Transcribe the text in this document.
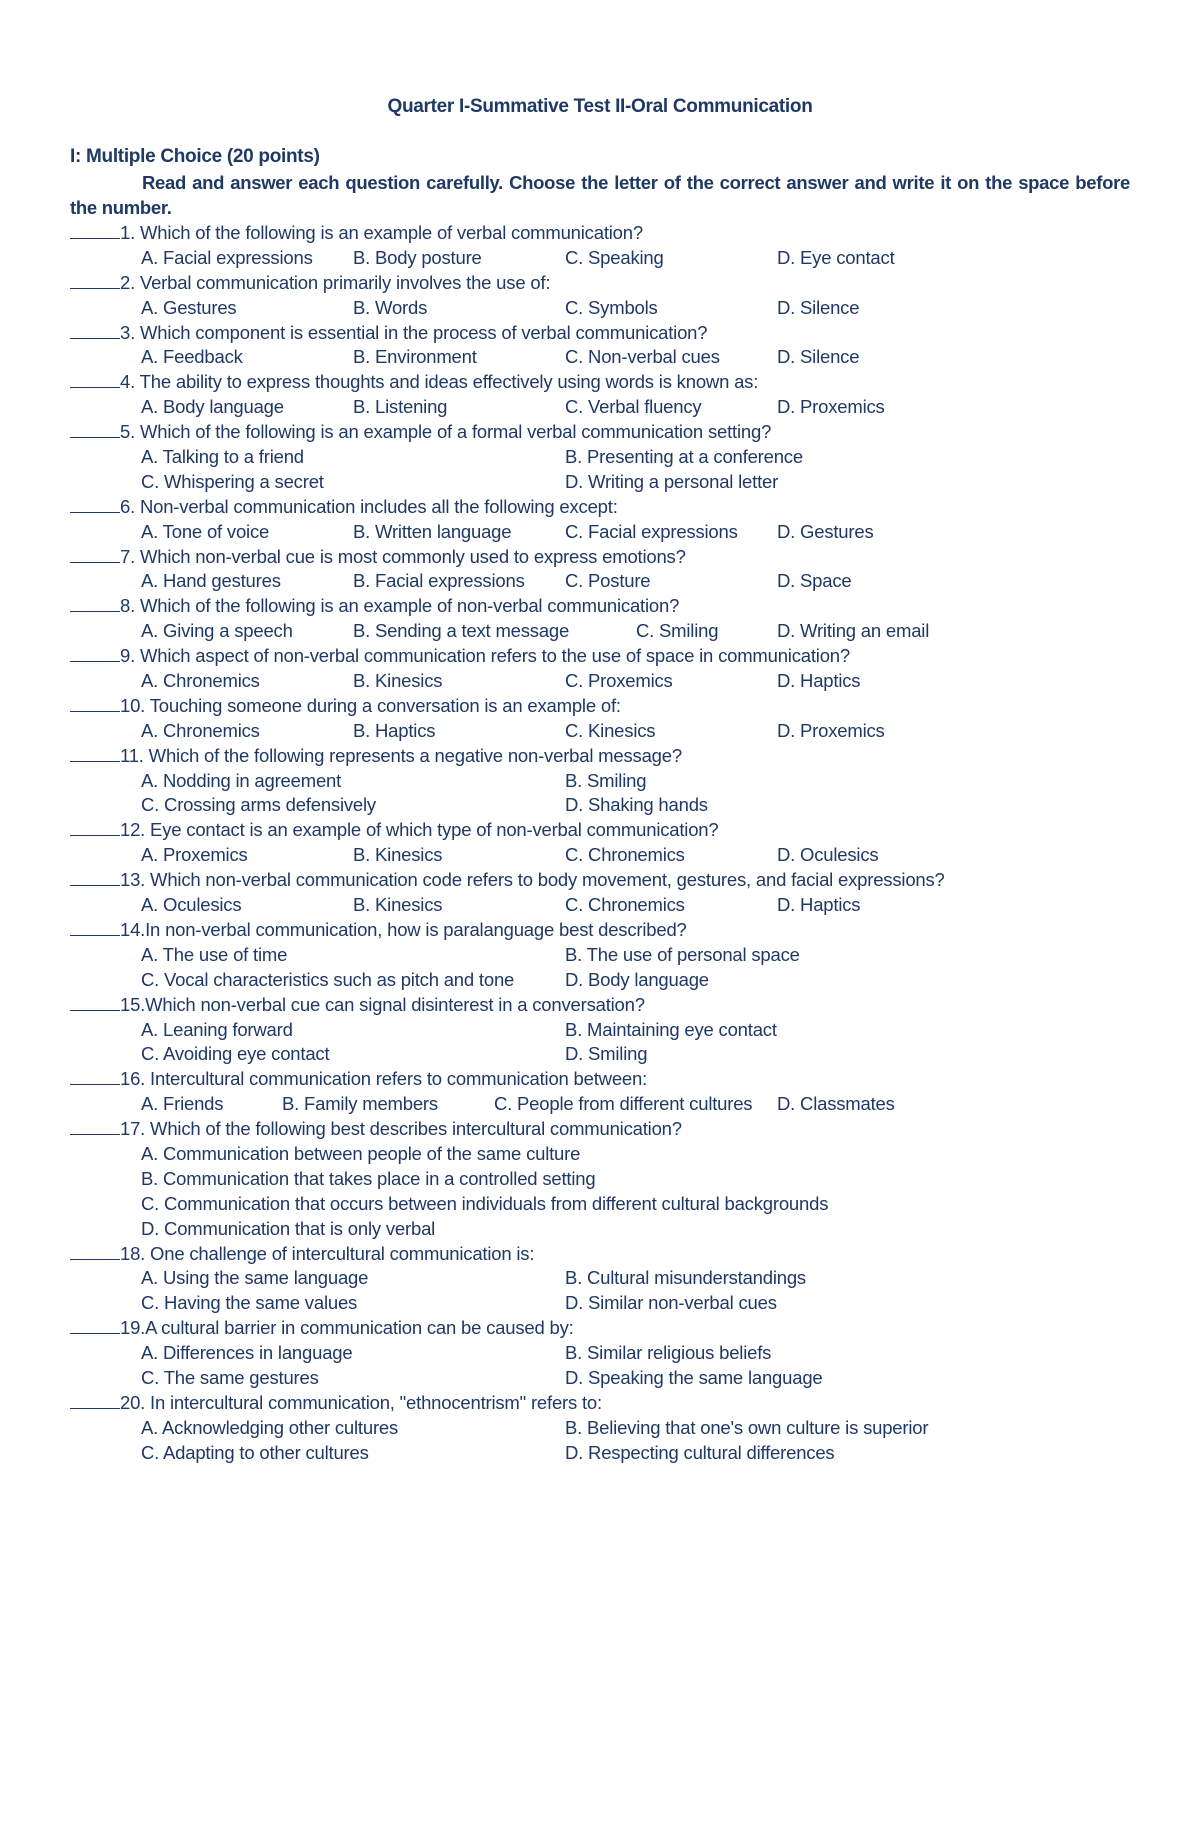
Quarter I-Summative Test II-Oral Communication
I: Multiple Choice (20 points)
Read and answer each question carefully. Choose the letter of the correct answer and write it on the space before the number.
1. Which of the following is an example of verbal communication?
A. Facial expressions B. Body posture	C. Speaking	D. Eye contact
2. Verbal communication primarily involves the use of:
A. Gestures	B. Words	C. Symbols	D. Silence
3. Which component is essential in the process of verbal communication?
A. Feedback	B. Environment	C. Non-verbal cues	D. Silence
4. The ability to express thoughts and ideas effectively using words is known as:
A. Body language	B. Listening	C. Verbal fluency	D. Proxemics
5. Which of the following is an example of a formal verbal communication setting?
A. Talking to a friend	B. Presenting at a conference
C. Whispering a secret	D. Writing a personal letter
6. Non-verbal communication includes all the following except:
A. Tone of voice	B. Written language	C. Facial expressions D. Gestures
7. Which non-verbal cue is most commonly used to express emotions?
A. Hand gestures	B. Facial expressions C. Posture	D. Space
8. Which of the following is an example of non-verbal communication?
A. Giving a speech	B. Sending a text message	C. Smiling	D. Writing an email
9. Which aspect of non-verbal communication refers to the use of space in communication?
A. Chronemics	B. Kinesics	C. Proxemics	D. Haptics
10. Touching someone during a conversation is an example of:
A. Chronemics	B. Haptics	C. Kinesics	D. Proxemics
11. Which of the following represents a negative non-verbal message?
A. Nodding in agreement	B. Smiling
C. Crossing arms defensively	D. Shaking hands
12. Eye contact is an example of which type of non-verbal communication?
A. Proxemics	B. Kinesics	C. Chronemics	D. Oculesics
13. Which non-verbal communication code refers to body movement, gestures, and facial expressions?
A. Oculesics	B. Kinesics	C. Chronemics	D. Haptics
14.In non-verbal communication, how is paralanguage best described?
A. The use of time	B. The use of personal space
C. Vocal characteristics such as pitch and tone	D. Body language
15.Which non-verbal cue can signal disinterest in a conversation?
A. Leaning forward	B. Maintaining eye contact
C. Avoiding eye contact	D. Smiling
16. Intercultural communication refers to communication between:
A. Friends	B. Family members	C. People from different cultures D. Classmates
17. Which of the following best describes intercultural communication?
A. Communication between people of the same culture
B. Communication that takes place in a controlled setting
C. Communication that occurs between individuals from different cultural backgrounds
D. Communication that is only verbal
18. One challenge of intercultural communication is:
A. Using the same language	B. Cultural misunderstandings
C. Having the same values	D. Similar non-verbal cues
19.A cultural barrier in communication can be caused by:
A. Differences in language	B. Similar religious beliefs
C. The same gestures	D. Speaking the same language
20. In intercultural communication, "ethnocentrism" refers to:
A. Acknowledging other cultures	B. Believing that one's own culture is superior
C. Adapting to other cultures	D. Respecting cultural differences
